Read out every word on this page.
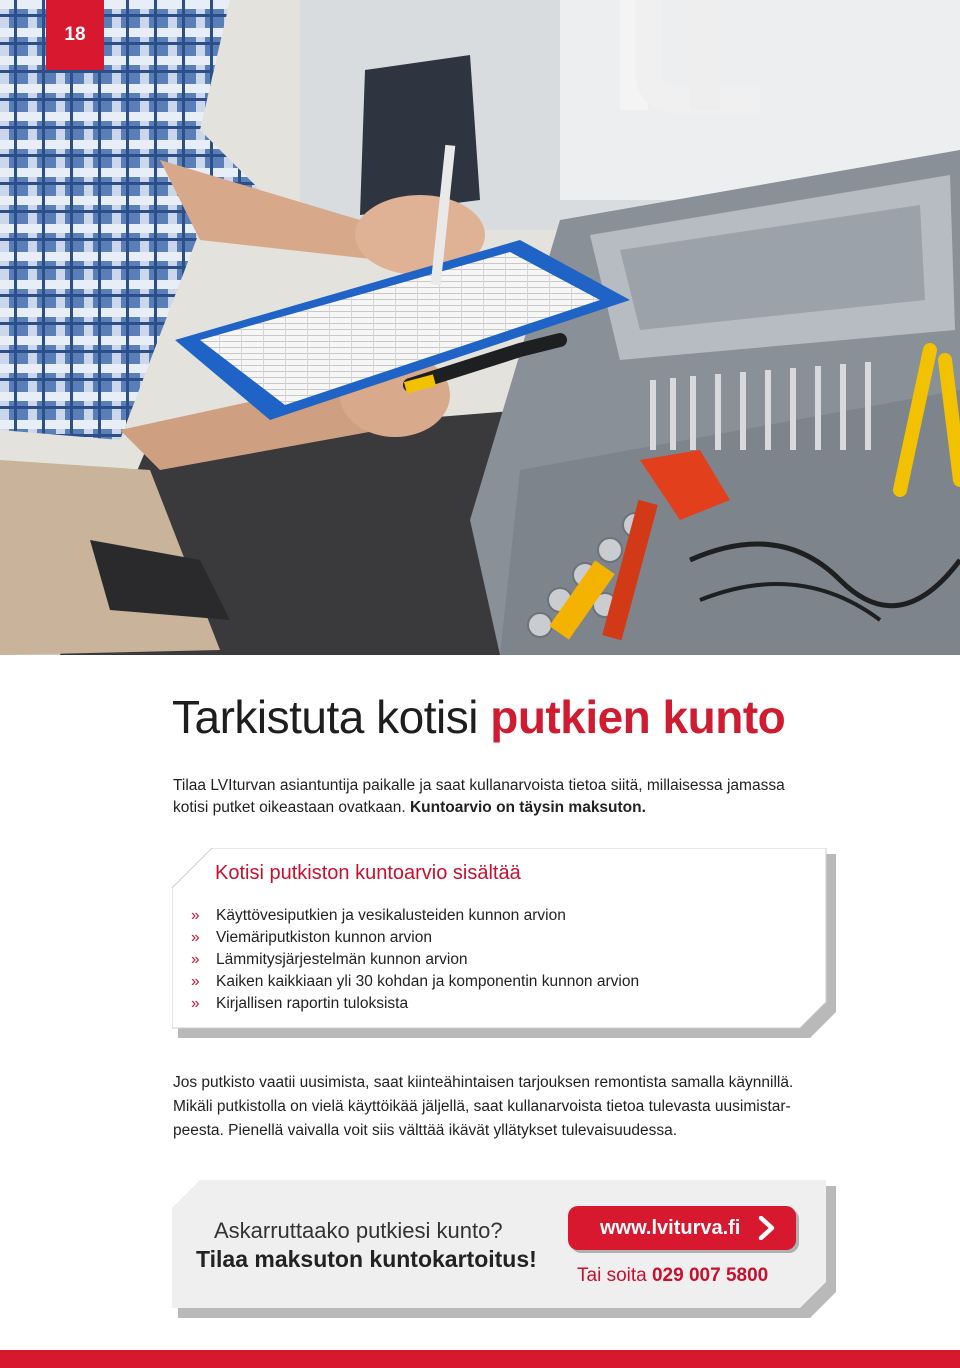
18
Tarkistuta kotisi putkien kunto
Tilaa LVIturvan asiantuntija paikalle ja saat kullanarvoista tietoa siitä, millaisessa jamassa kotisi putket oikeastaan ovatkaan. Kuntoarvio on täysin maksuton.
Kotisi putkiston kuntoarvio sisältää
» Käyttövesiputkien ja vesikalusteiden kunnon arvion
» Viemäriputkiston kunnon arvion
» Lämmitysjärjestelmän kunnon arvion
» Kaiken kaikkiaan yli 30 kohdan ja komponentin kunnon arvion
» Kirjallisen raportin tuloksista
Jos putkisto vaatii uusimista, saat kiinteähintaisen tarjouksen remontista samalla käynnillä.
Mikäli putkistolla on vielä käyttöikää jäljellä, saat kullanarvoista tietoa tulevasta uusimistar-
peesta. Pienellä vaivalla voit siis välttää ikävät yllätykset tulevaisuudessa.
Askarruttaako putkiesi kunto?
Tilaa maksuton kuntokartoitus!
www.lviturva.fi
Tai soita 029 007 5800
